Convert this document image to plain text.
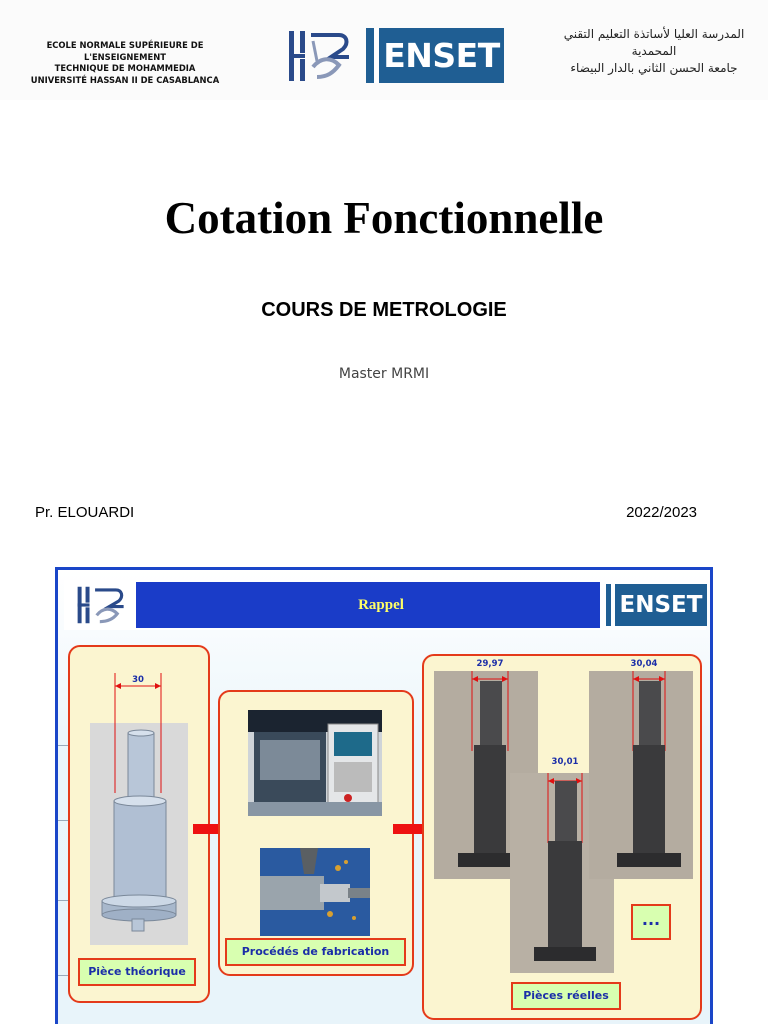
ECOLE NORMALE SUPÉRIEURE DE L'ENSEIGNEMENT
TECHNIQUE DE MOHAMMEDIA
UNIVERSITÉ HASSAN II DE CASABLANCA
ENSET
المدرسة العليا لأساتذة التعليم التقني
المحمدية
جامعة الحسن الثاني بالدار البيضاء
Cotation Fonctionnelle
COURS DE METROLOGIE
Master MRMI
Pr. ELOUARDI	2022/2023
Rappel	ENSET
30
Pièce théorique
Procédés de fabrication
29,97
30,01
30,04
...
Pièces réelles
